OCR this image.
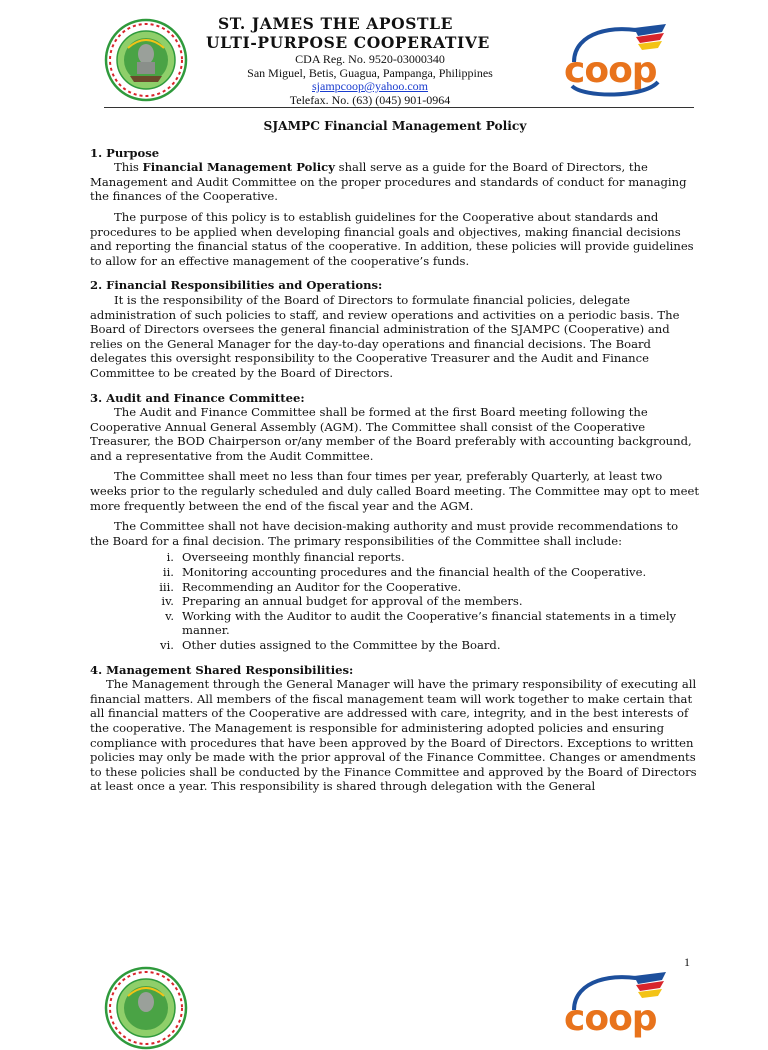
ST. JAMES THE APOSTLE
ULTI-PURPOSE COOPERATIVE
CDA Reg. No. 9520-03000340
San Miguel, Betis, Guagua, Pampanga, Philippines
sjampcoop@yahoo.com
Telefax. No. (63) (045) 901-0964
coop
SJAMPC Financial Management Policy
1. Purpose

This Financial Management Policy shall serve as a guide for the Board of Directors, the Management and Audit Committee on the proper procedures and standards of conduct for managing the finances of the Cooperative.

The purpose of this policy is to establish guidelines for the Cooperative about standards and procedures to be applied when developing financial goals and objectives, making financial decisions and reporting the financial status of the cooperative. In addition, these policies will provide guidelines to allow for an effective management of the cooperative’s funds.

2. Financial Responsibilities and Operations:

It is the responsibility of the Board of Directors to formulate financial policies, delegate administration of such policies to staff, and review operations and activities on a periodic basis. The Board of Directors oversees the general financial administration of the SJAMPC (Cooperative) and relies on the General Manager for the day-to-day operations and financial decisions. The Board delegates this oversight responsibility to the Cooperative Treasurer and the Audit and Finance Committee to be created by the Board of Directors.

3. Audit and Finance Committee:

The Audit and Finance Committee shall be formed at the first Board meeting following the Cooperative Annual General Assembly (AGM). The Committee shall consist of the Cooperative Treasurer, the BOD Chairperson or/any member of the Board preferably with accounting background, and a representative from the Audit Committee.

The Committee shall meet no less than four times per year, preferably Quarterly, at least two weeks prior to the regularly scheduled and duly called Board meeting. The Committee may opt to meet more frequently between the end of the fiscal year and the AGM.

The Committee shall not have decision-making authority and must provide recommendations to the Board for a final decision. The primary responsibilities of the Committee shall include:

i. Overseeing monthly financial reports.
ii. Monitoring accounting procedures and the financial health of the Cooperative.
iii. Recommending an Auditor for the Cooperative.
iv. Preparing an annual budget for approval of the members.
v. Working with the Auditor to audit the Cooperative’s financial statements in a timely manner.
vi. Other duties assigned to the Committee by the Board.
4. Management Shared Responsibilities:

The Management through the General Manager will have the primary responsibility of executing all financial matters. All members of the fiscal management team will work together to make certain that all financial matters of the Cooperative are addressed with care, integrity, and in the best interests of the cooperative. The Management is responsible for administering adopted policies and ensuring compliance with procedures that have been approved by the Board of Directors. Exceptions to written policies may only be made with the prior approval of the Finance Committee. Changes or amendments to these policies shall be conducted by the Finance Committee and approved by the Board of Directors at least once a year. This responsibility is shared through delegation with the General

1
coop
